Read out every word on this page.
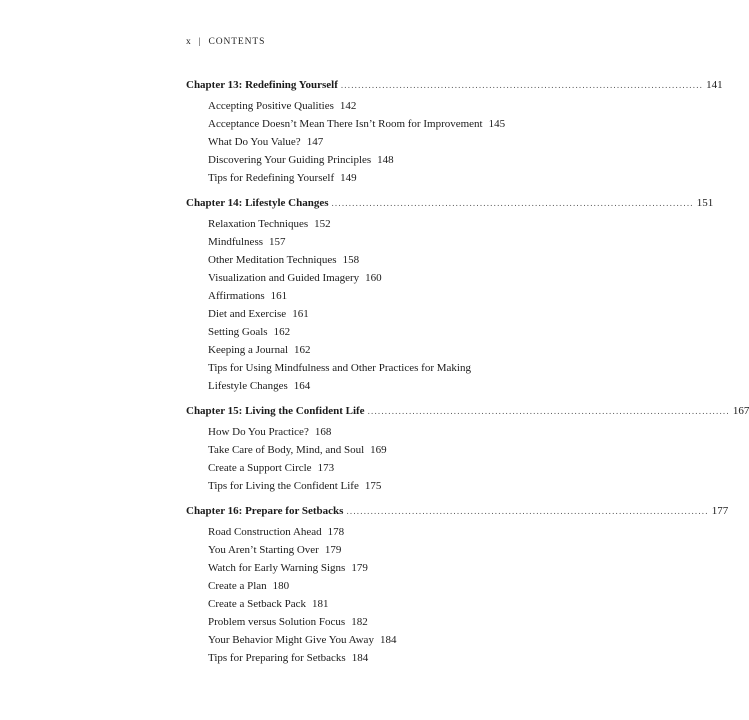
x | CONTENTS
Chapter 13: Redefining Yourself ......................................................................................................... 141
Accepting Positive Qualities 142
Acceptance Doesn’t Mean There Isn’t Room for Improvement 145
What Do You Value? 147
Discovering Your Guiding Principles 148
Tips for Redefining Yourself 149
Chapter 14: Lifestyle Changes ......................................................................................................... 151
Relaxation Techniques 152
Mindfulness 157
Other Meditation Techniques 158
Visualization and Guided Imagery 160
Affirmations 161
Diet and Exercise 161
Setting Goals 162
Keeping a Journal 162
Tips for Using Mindfulness and Other Practices for Making Lifestyle Changes 164
Chapter 15: Living the Confident Life ......................................................................................................... 167
How Do You Practice? 168
Take Care of Body, Mind, and Soul 169
Create a Support Circle 173
Tips for Living the Confident Life 175
Chapter 16: Prepare for Setbacks ......................................................................................................... 177
Road Construction Ahead 178
You Aren’t Starting Over 179
Watch for Early Warning Signs 179
Create a Plan 180
Create a Setback Pack 181
Problem versus Solution Focus 182
Your Behavior Might Give You Away 184
Tips for Preparing for Setbacks 184
